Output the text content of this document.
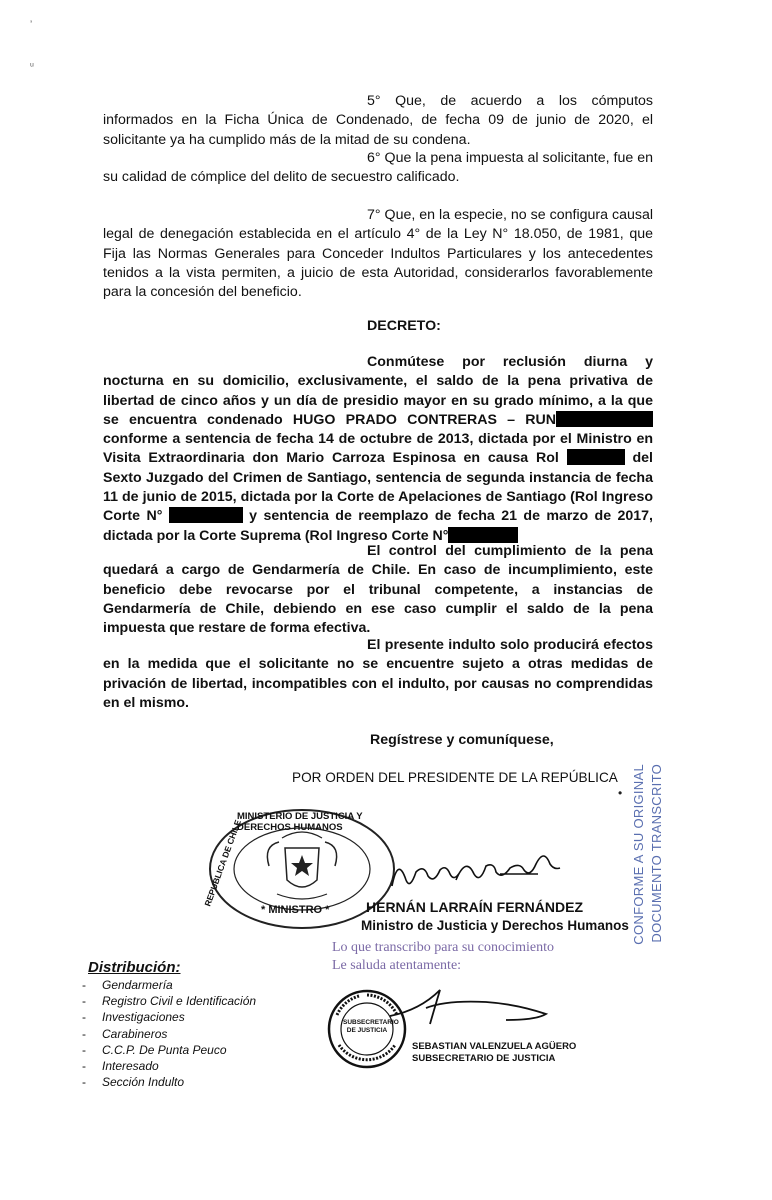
ʼ
ᵤ

5° Que, de acuerdo a los cómputos informados en la Ficha Única de Condenado, de fecha 09 de junio de 2020, el solicitante ya ha cumplido más de la mitad de su condena.

6° Que la pena impuesta al solicitante, fue en su calidad de cómplice del delito de secuestro calificado.

7° Que, en la especie, no se configura causal legal de denegación establecida en el artículo 4° de la Ley N° 18.050, de 1981, que Fija las Normas Generales para Conceder Indultos Particulares y los antecedentes tenidos a la vista permiten, a juicio de esta Autoridad, considerarlos favorablemente para la concesión del beneficio.

DECRETO:

Conmútese por reclusión diurna y nocturna en su domicilio, exclusivamente, el saldo de la pena privativa de libertad de cinco años y un día de presidio mayor en su grado mínimo, a la que se encuentra condenado HUGO PRADO CONTRERAS – RUN conforme a sentencia de fecha 14 de octubre de 2013, dictada por el Ministro en Visita Extraordinaria don Mario Carroza Espinosa en causa Rol	del Sexto Juzgado del Crimen de Santiago, sentencia de segunda instancia de fecha 11 de junio de 2015, dictada por la Corte de Apelaciones de Santiago (Rol Ingreso Corte N°	y sentencia de reemplazo de fecha 21 de marzo de 2017, dictada por la Corte Suprema (Rol Ingreso Corte N°

El control del cumplimiento de la pena quedará a cargo de Gendarmería de Chile. En caso de incumplimiento, este beneficio debe revocarse por el tribunal competente, a instancias de Gendarmería de Chile, debiendo en ese caso cumplir el saldo de la pena impuesta que restare de forma efectiva.

El presente indulto solo producirá efectos en la medida que el solicitante no se encuentre sujeto a otras medidas de privación de libertad, incompatibles con el indulto, por causas no comprendidas en el mismo.

Regístrese y comuníquese,
POR ORDEN DEL PRESIDENTE DE LA REPÚBLICA
•
MINISTERIO DE JUSTICIA Y DERECHOS HUMANOS
REPUBLICA DE CHILE
* MINISTRO *	HERNÁN LARRAÍN FERNÁNDEZ
Ministro de Justicia y Derechos Humanos
Lo que transcribo para su conocimiento
Le saluda atentamente:
SUBSECRETARIO DE JUSTICIA
SEBASTIAN VALENZUELA AGÜERO
SUBSECRETARIO DE JUSTICIA
DOCUMENTO TRANSCRITO
CONFORME A SU ORIGINAL
Distribución:
- Gendarmería
- Registro Civil e Identificación
- Investigaciones
- Carabineros
- C.C.P. De Punta Peuco
- Interesado
- Sección Indulto
